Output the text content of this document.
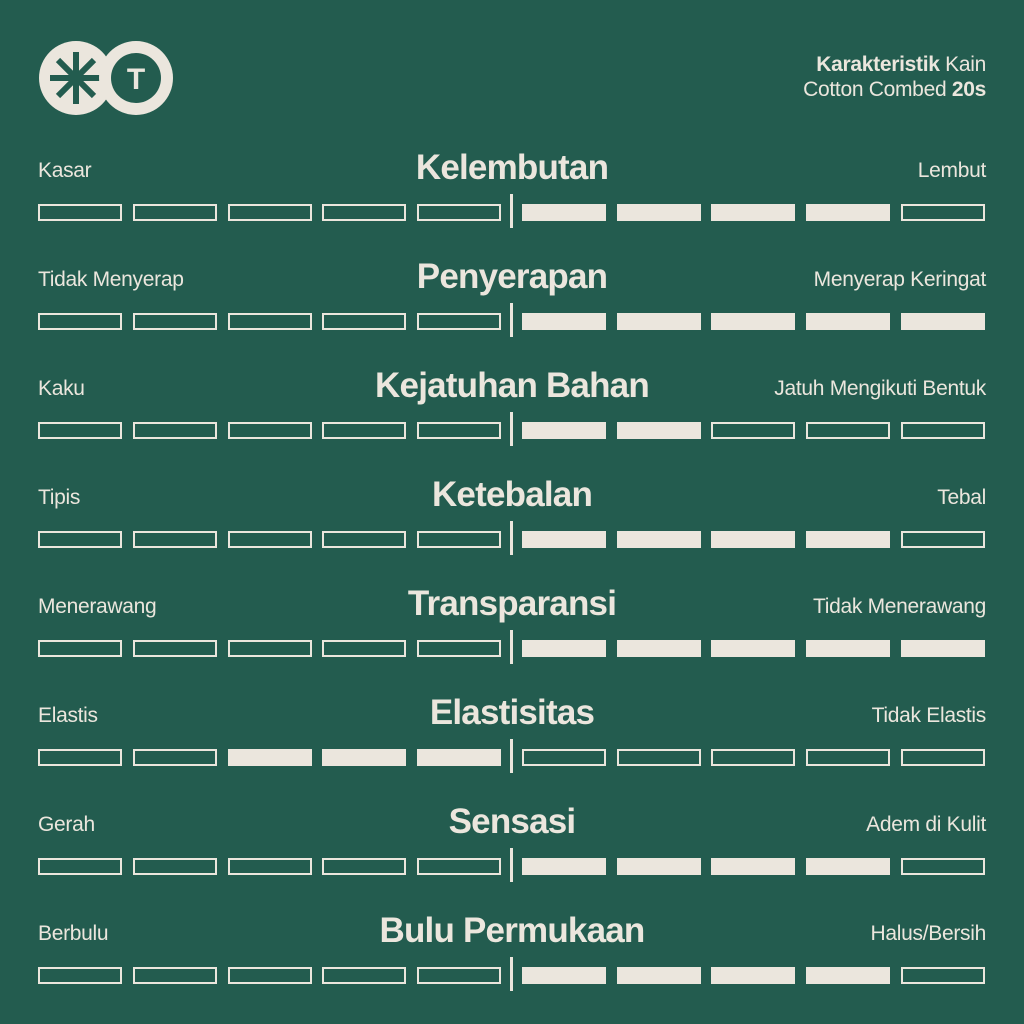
T	Karakteristik Kain
Cotton Combed 20s
Kelembutan
Kasar	Lembut
Penyerapan
Tidak Menyerap	Menyerap Keringat
Kejatuhan Bahan
Kaku	Jatuh Mengikuti Bentuk
Ketebalan
Tipis	Tebal
Transparansi
Menerawang	Tidak Menerawang
Elastisitas
Elastis	Tidak Elastis
Sensasi
Gerah	Adem di Kulit
Bulu Permukaan
Berbulu	Halus/Bersih
